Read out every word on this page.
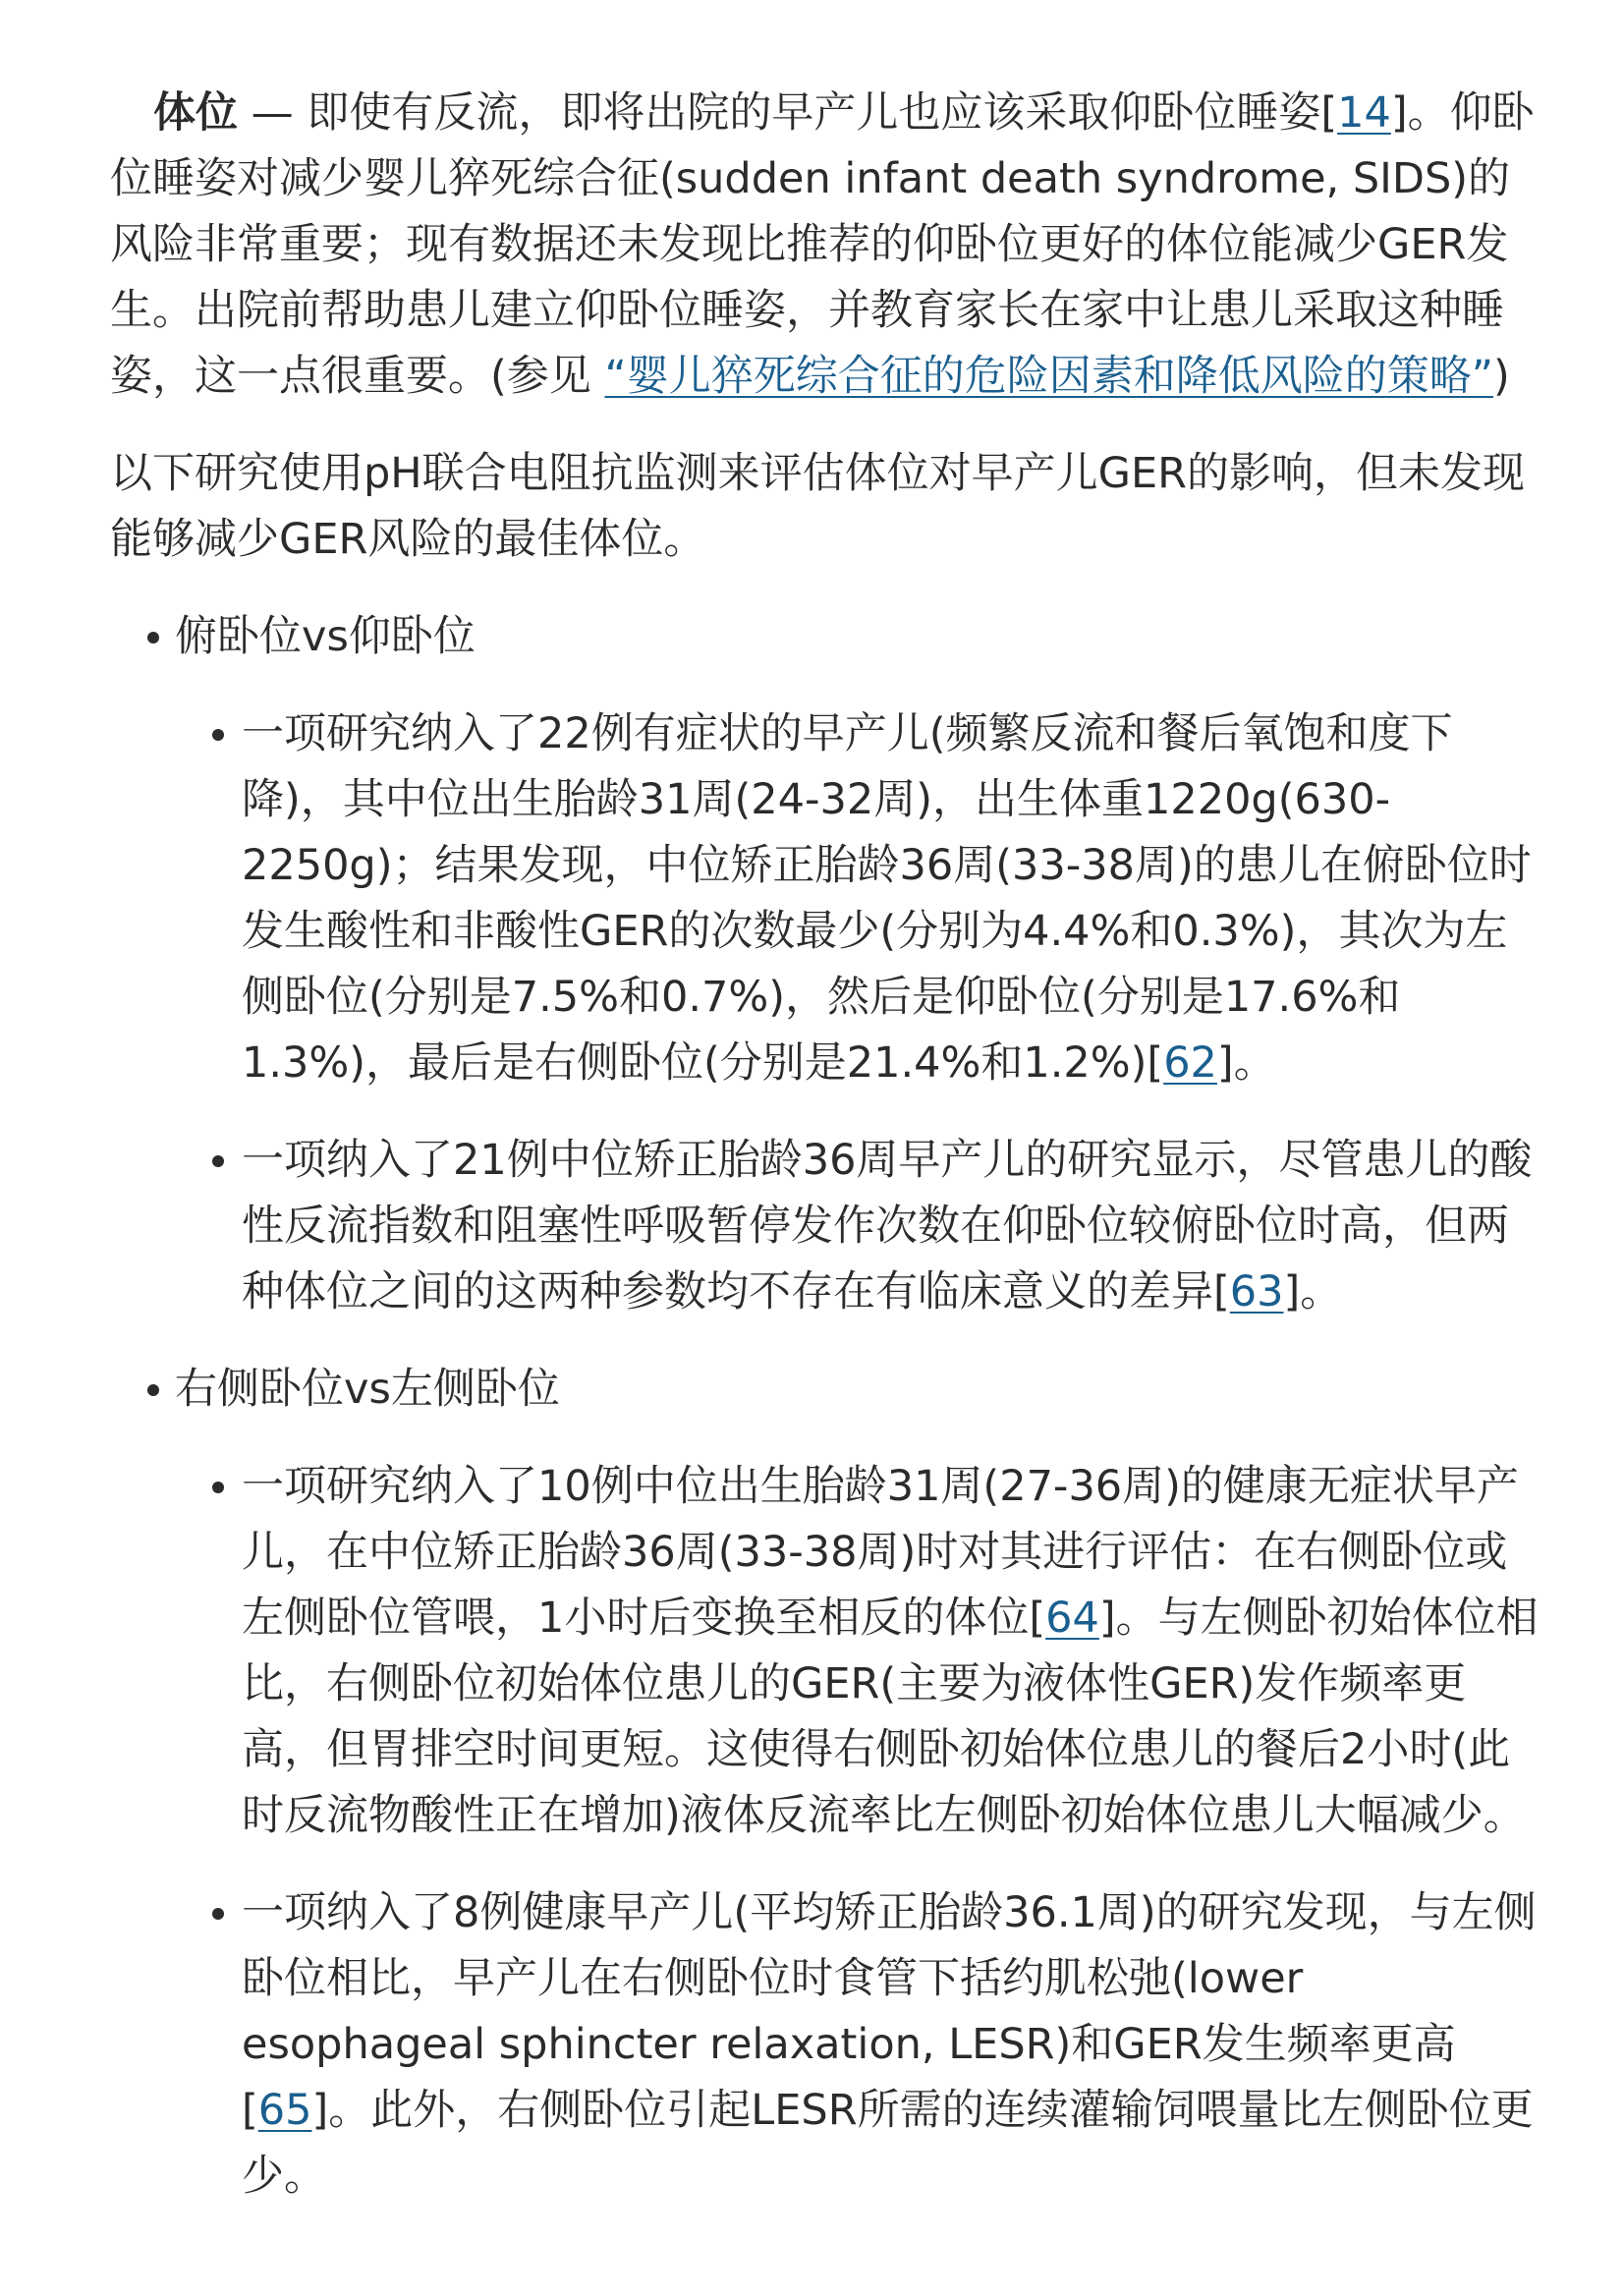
体位 — 即使有反流，即将出院的早产儿也应该采取仰卧位睡姿[14]。仰卧位睡姿对减少婴儿猝死综合征(sudden infant death syndrome, SIDS)的风险非常重要；现有数据还未发现比推荐的仰卧位更好的体位能减少GER发生。出院前帮助患儿建立仰卧位睡姿，并教育家长在家中让患儿采取这种睡姿，这一点很重要。(参见 “婴儿猝死综合征的危险因素和降低风险的策略”)

以下研究使用pH联合电阻抗监测来评估体位对早产儿GER的影响，但未发现能够减少GER风险的最佳体位。

俯卧位vs仰卧位
一项研究纳入了22例有症状的早产儿(频繁反流和餐后氧饱和度下降)，其中位出生胎龄31周(24-32周)，出生体重1220g(630-2250g)；结果发现，中位矫正胎龄36周(33-38周)的患儿在俯卧位时发生酸性和非酸性GER的次数最少(分别为4.4%和0.3%)，其次为左侧卧位(分别是7.5%和0.7%)，然后是仰卧位(分别是17.6%和1.3%)，最后是右侧卧位(分别是21.4%和1.2%)[62]。
一项纳入了21例中位矫正胎龄36周早产儿的研究显示，尽管患儿的酸性反流指数和阻塞性呼吸暂停发作次数在仰卧位较俯卧位时高，但两种体位之间的这两种参数均不存在有临床意义的差异[63]。
右侧卧位vs左侧卧位
一项研究纳入了10例中位出生胎龄31周(27-36周)的健康无症状早产儿，在中位矫正胎龄36周(33-38周)时对其进行评估：在右侧卧位或左侧卧位管喂，1小时后变换至相反的体位[64]。与左侧卧初始体位相比，右侧卧位初始体位患儿的GER(主要为液体性GER)发作频率更高，但胃排空时间更短。这使得右侧卧初始体位患儿的餐后2小时(此时反流物酸性正在增加)液体反流率比左侧卧初始体位患儿大幅减少。
一项纳入了8例健康早产儿(平均矫正胎龄36.1周)的研究发现，与左侧卧位相比，早产儿在右侧卧位时食管下括约肌松弛(lower esophageal sphincter relaxation, LESR)和GER发生频率更高[65]。此外，右侧卧位引起LESR所需的连续灌输饲喂量比左侧卧位更少。
